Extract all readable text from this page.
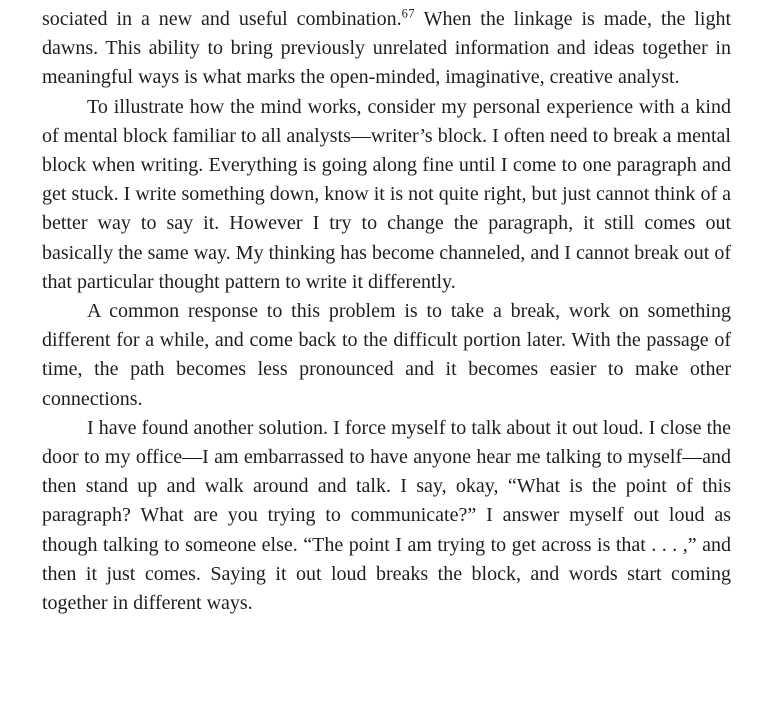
sociated in a new and useful combination.$^{67}$ When the linkage is made, the light dawns. This ability to bring previously unrelated information and ideas together in meaningful ways is what marks the open-minded, imaginative, creative analyst.

To illustrate how the mind works, consider my personal experience with a kind of mental block familiar to all analysts—writer’s block. I often need to break a mental block when writing. Everything is going along fine until I come to one paragraph and get stuck. I write something down, know it is not quite right, but just cannot think of a better way to say it. However I try to change the paragraph, it still comes out basically the same way. My thinking has become channeled, and I cannot break out of that particular thought pattern to write it differently.

A common response to this problem is to take a break, work on something different for a while, and come back to the difficult portion later. With the passage of time, the path becomes less pronounced and it becomes easier to make other connections.

I have found another solution. I force myself to talk about it out loud. I close the door to my office—I am embarrassed to have anyone hear me talking to myself—and then stand up and walk around and talk. I say, okay, “What is the point of this paragraph? What are you trying to communicate?” I answer myself out loud as though talking to someone else. “The point I am trying to get across is that . . . ,” and then it just comes. Saying it out loud breaks the block, and words start coming together in different ways.
